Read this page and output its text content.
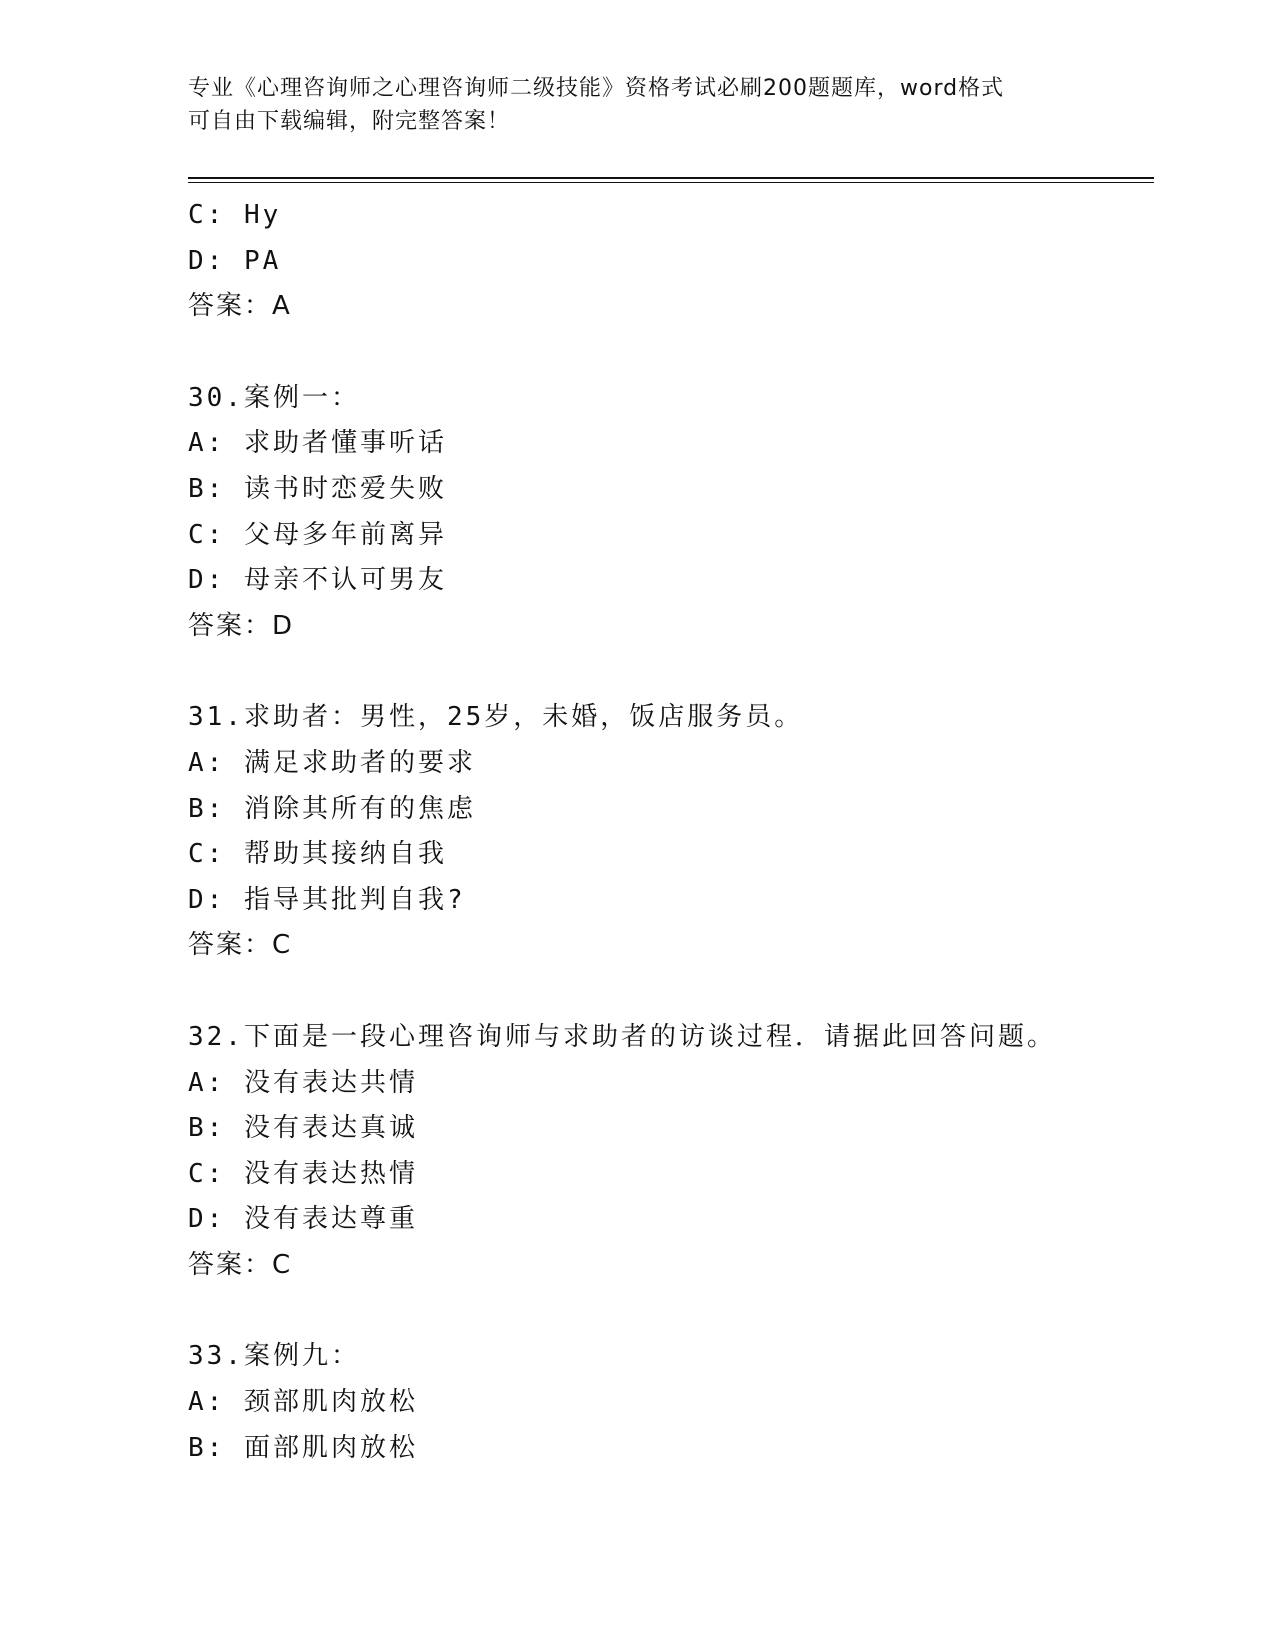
专业《心理咨询师之心理咨询师二级技能》资格考试必刷200题题库，word格式
可自由下载编辑，附完整答案！
C: Hy
D: PA
答案：A
30.案例一：
A: 求助者懂事听话
B: 读书时恋爱失败
C: 父母多年前离异
D: 母亲不认可男友
答案：D
31.求助者：男性，25岁，未婚，饭店服务员。
A: 满足求助者的要求
B: 消除其所有的焦虑
C: 帮助其接纳自我
D: 指导其批判自我?
答案：C
32.下面是一段心理咨询师与求助者的访谈过程．请据此回答问题。
A: 没有表达共情
B: 没有表达真诚
C: 没有表达热情
D: 没有表达尊重
答案：C
33.案例九：
A: 颈部肌肉放松
B: 面部肌肉放松
